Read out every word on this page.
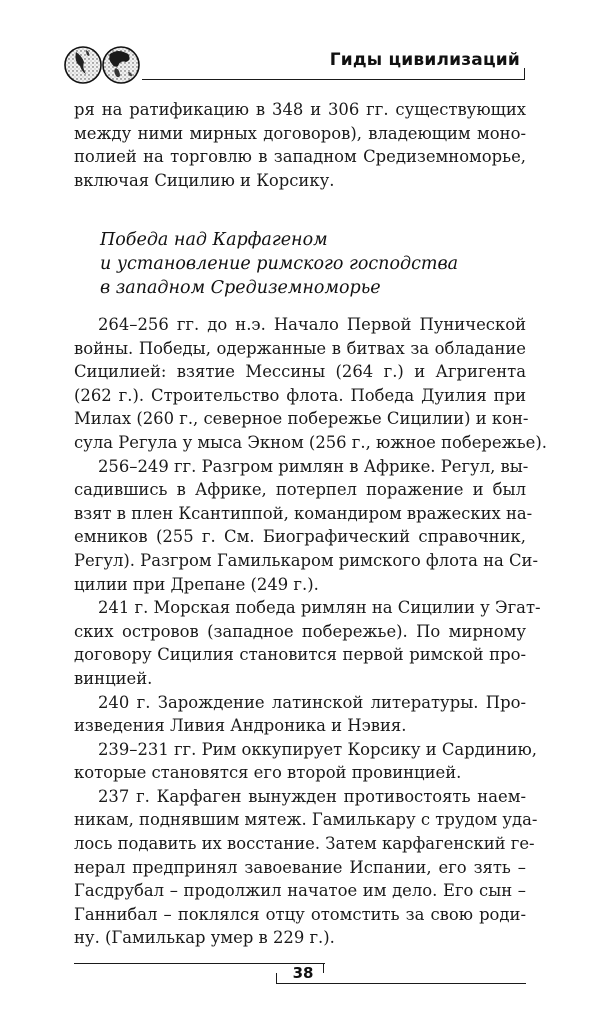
Гиды цивилизаций

ря на ратификацию в 348 и 306 гг. существующих
между ними мирных договоров), владеющим моно-
полией на торговлю в западном Средиземноморье,
включая Сицилию и Корсику.

Победа над Карфагеном
и установление римского господства
в западном Средиземноморье

264–256 гг. до н.э. Начало Первой Пунической
войны. Победы, одержанные в битвах за обладание
Сицилией: взятие Мессины (264 г.) и Агригента
(262 г.). Строительство флота. Победа Дуилия при
Милах (260 г., северное побережье Сицилии) и кон-
сула Регула у мыса Экном (256 г., южное побережье).

256–249 гг. Разгром римлян в Африке. Регул, вы-
садившись в Африке, потерпел поражение и был
взят в плен Ксантиппой, командиром вражеских на-
емников (255 г. См. Биографический справочник,
Регул). Разгром Гамилькаром римского флота на Си-
цилии при Дрепане (249 г.).

241 г. Морская победа римлян на Сицилии у Эгат-
ских островов (западное побережье). По мирному
договору Сицилия становится первой римской про-
винцией.

240 г. Зарождение латинской литературы. Про-
изведения Ливия Андроника и Нэвия.

239–231 гг. Рим оккупирует Корсику и Сардинию,
которые становятся его второй провинцией.

237 г. Карфаген вынужден противостоять наем-
никам, поднявшим мятеж. Гамилькару с трудом уда-
лось подавить их восстание. Затем карфагенский ге-
нерал предпринял завоевание Испании, его зять –
Гасдрубал – продолжил начатое им дело. Его сын –
Ганнибал – поклялся отцу отомстить за свою роди-
ну. (Гамилькар умер в 229 г.).

38
